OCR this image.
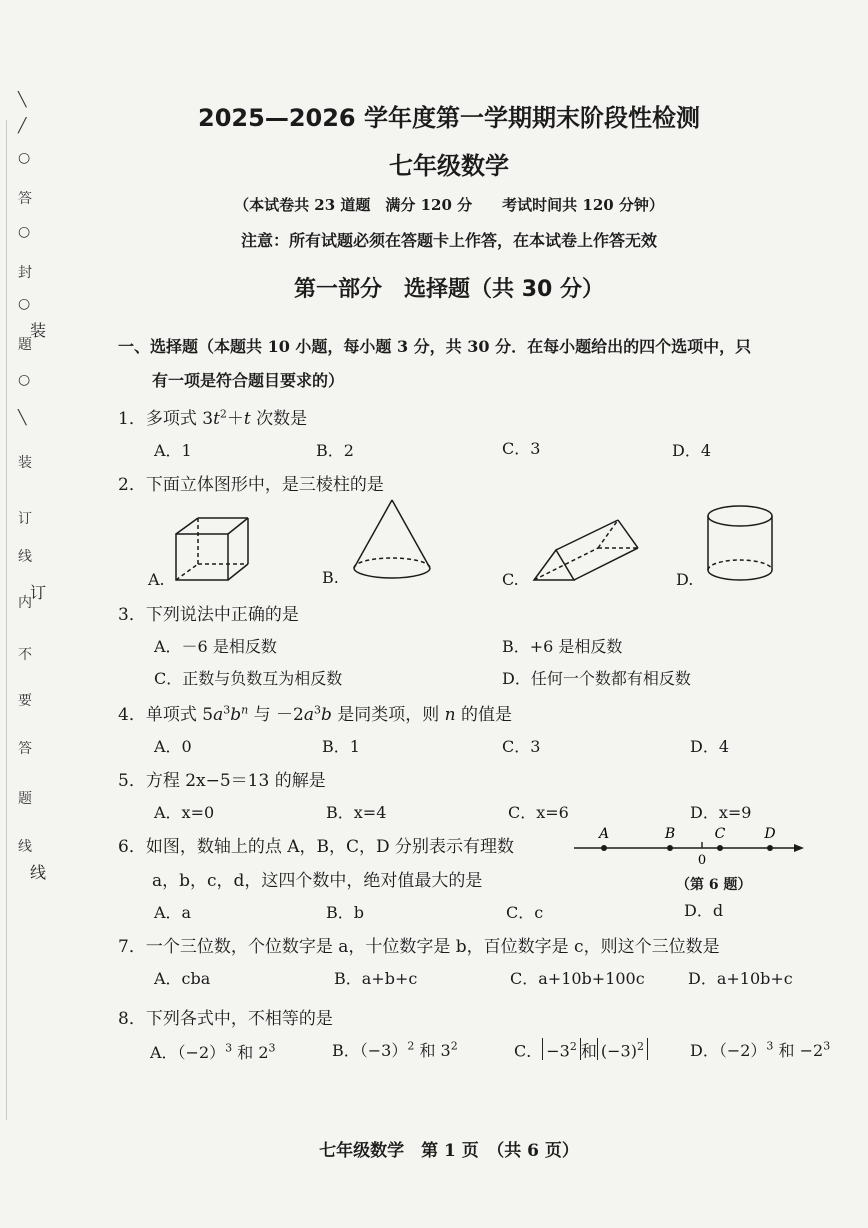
╲
╱
○
答
○
封
○
題
○
╲
装
订
线
内
不
要
答
题
线
装
订
线
2025—2026 学年度第一学期期末阶段性检测
七年级数学
（本试卷共 23 道题　满分 120 分　　考试时间共 120 分钟）
注意：所有试题必须在答题卡上作答，在本试卷上作答无效
第一部分　选择题（共 30 分）
一、选择题（本题共 10 小题，每小题 3 分，共 30 分．在每小题给出的四个选项中，只
有一项是符合题目要求的）
1．多项式 $3t^2+t$ 次数是
A．1	B．2	C．3	D．4
2．下面立体图形中，是三棱柱的是
A.	B.	C.	D.
3．下列说法中正确的是
A．－6 是相反数	B．+6 是相反数
C．正数与负数互为相反数	D．任何一个数都有相反数
4．单项式 $5a^3b^n$ 与 $-2a^3b$ 是同类项，则 n 的值是
A．0	B．1	C．3	D．4
5．方程 2x−5＝13 的解是
A．x=0	B．x=4	C．x=6	D．x=9
6．如图，数轴上的点 A，B，C，D 分别表示有理数
a，b，c，d，这四个数中，绝对值最大的是
A．a	B．b	C．c	D．d
A	B	C	D
0
（第 6 题）
7．一个三位数，个位数字是 a，十位数字是 b，百位数字是 c，则这个三位数是
A．cba	B．a+b+c	C．a+10b+100c	D．a+10b+c
8．下列各式中，不相等的是
A．$(-2)^3$ 和 $2^3$	B．$(-3)^2$ 和 $3^2$	C． $-3^2$ 和 $(-3)^2$	D．$(-2)^3$ 和 $-2^3$
七年级数学　第 1 页　（共 6 页）
